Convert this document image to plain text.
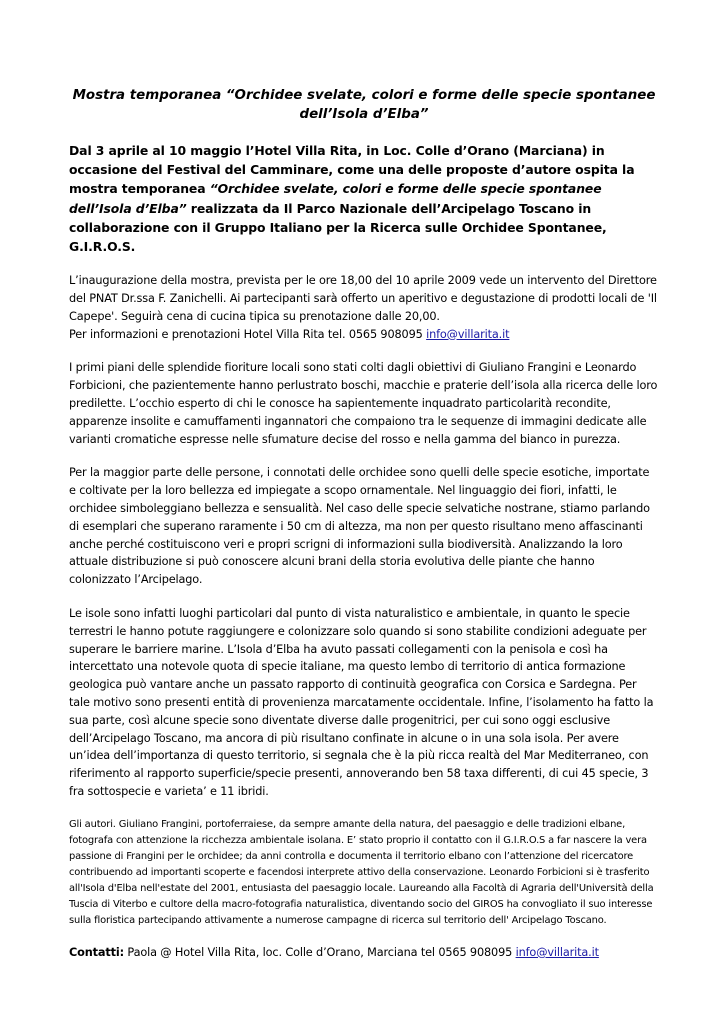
Mostra temporanea “Orchidee svelate, colori e forme delle specie spontanee
dell’Isola d’Elba”

Dal 3 aprile al 10 maggio l’Hotel Villa Rita, in Loc. Colle d’Orano (Marciana) in occasione del Festival del Camminare, come una delle proposte d’autore ospita la mostra temporanea “Orchidee svelate, colori e forme delle specie spontanee dell’Isola d’Elba” realizzata da Il Parco Nazionale dell’Arcipelago Toscano in collaborazione con il Gruppo Italiano per la Ricerca sulle Orchidee Spontanee, G.I.R.O.S.

L’inaugurazione della mostra, prevista per le ore 18,00 del 10 aprile 2009 vede un intervento del Direttore del PNAT Dr.ssa F. Zanichelli. Ai partecipanti sarà offerto un aperitivo e degustazione di prodotti locali de 'Il Capepe'. Seguirà cena di cucina tipica su prenotazione dalle 20,00.
Per informazioni e prenotazioni Hotel Villa Rita tel. 0565 908095 info@villarita.it

I primi piani delle splendide fioriture locali sono stati colti dagli obiettivi di Giuliano Frangini e Leonardo Forbicioni, che pazientemente hanno perlustrato boschi, macchie e praterie dell’isola alla ricerca delle loro predilette. L’occhio esperto di chi le conosce ha sapientemente inquadrato particolarità recondite, apparenze insolite e camuffamenti ingannatori che compaiono tra le sequenze di immagini dedicate alle varianti cromatiche espresse nelle sfumature decise del rosso e nella gamma del bianco in purezza.

Per la maggior parte delle persone, i connotati delle orchidee sono quelli delle specie esotiche, importate e coltivate per la loro bellezza ed impiegate a scopo ornamentale. Nel linguaggio dei fiori, infatti, le orchidee simboleggiano bellezza e sensualità. Nel caso delle specie selvatiche nostrane, stiamo parlando di esemplari che superano raramente i 50 cm di altezza, ma non per questo risultano meno affascinanti anche perché costituiscono veri e propri scrigni di informazioni sulla biodiversità. Analizzando la loro attuale distribuzione si può conoscere alcuni brani della storia evolutiva delle piante che hanno colonizzato l’Arcipelago.

Le isole sono infatti luoghi particolari dal punto di vista naturalistico e ambientale, in quanto le specie terrestri le hanno potute raggiungere e colonizzare solo quando si sono stabilite condizioni adeguate per superare le barriere marine. L’Isola d’Elba ha avuto passati collegamenti con la penisola e così ha intercettato una notevole quota di specie italiane, ma questo lembo di territorio di antica formazione geologica può vantare anche un passato rapporto di continuità geografica con Corsica e Sardegna. Per tale motivo sono presenti entità di provenienza marcatamente occidentale. Infine, l’isolamento ha fatto la sua parte, così alcune specie sono diventate diverse dalle progenitrici, per cui sono oggi esclusive dell’Arcipelago Toscano, ma ancora di più risultano confinate in alcune o in una sola isola. Per avere un’idea dell’importanza di questo territorio, si segnala che è la più ricca realtà del Mar Mediterraneo, con riferimento al rapporto superficie/specie presenti, annoverando ben 58 taxa differenti, di cui 45 specie, 3 fra sottospecie e varieta’ e 11 ibridi.

Gli autori. Giuliano Frangini, portoferraiese, da sempre amante della natura, del paesaggio e delle tradizioni elbane, fotografa con attenzione la ricchezza ambientale isolana. E’ stato proprio il contatto con il G.I.R.O.S a far nascere la vera passione di Frangini per le orchidee; da anni controlla e documenta il territorio elbano con l’attenzione del ricercatore contribuendo ad importanti scoperte e facendosi interprete attivo della conservazione. Leonardo Forbicioni si è trasferito all'Isola d'Elba nell'estate del 2001, entusiasta del paesaggio locale. Laureando alla Facoltà di Agraria dell'Università della Tuscia di Viterbo e cultore della macro-fotografia naturalistica, diventando socio del GIROS ha convogliato il suo interesse sulla floristica partecipando attivamente a numerose campagne di ricerca sul territorio dell' Arcipelago Toscano.

Contatti: Paola @ Hotel Villa Rita, loc. Colle d’Orano, Marciana tel 0565 908095 info@villarita.it
